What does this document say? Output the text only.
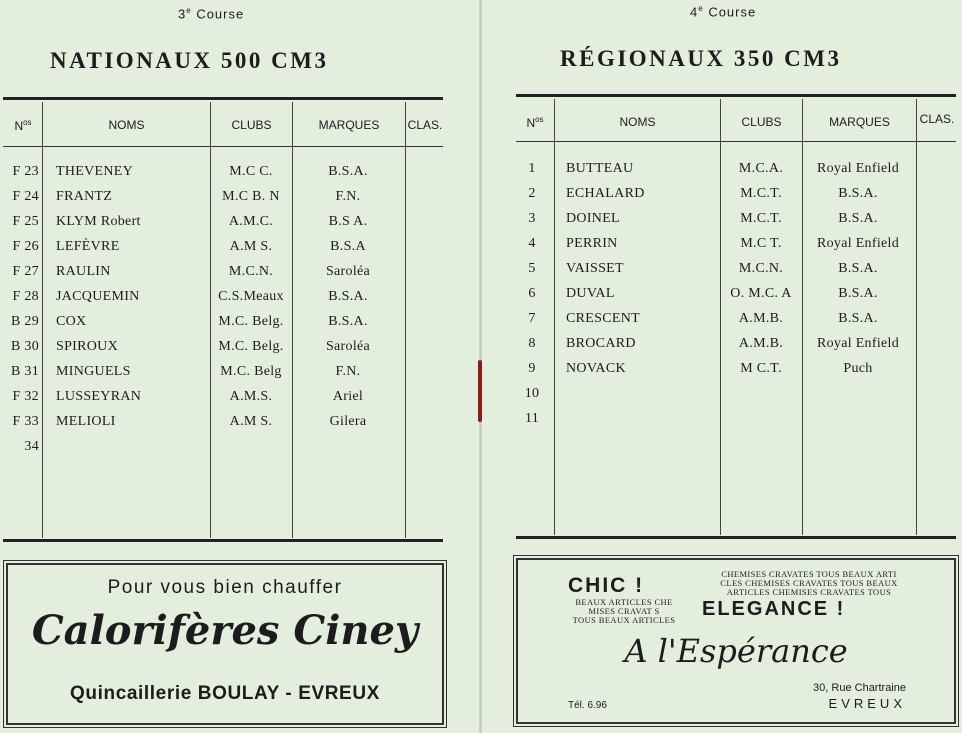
3e Course
NATIONAUX 500 CM3
$N^{os}$	NOMS	CLUBS	MARQUES	CLAS.
F 23 THEVENEY	M.C C.	B.S.A.
F 24 FRANTZ	M.C B. N	F.N.
F 25 KLYM Robert	A.M.C.	B.S A.
F 26 LEFÈVRE	A.M S.	B.S.A
F 27 RAULIN	M.C.N.	Saroléa
F 28 JACQUEMIN	C.S.Meaux	B.S.A.
B 29 COX	M.C. Belg.	B.S.A.
B 30 SPIROUX	M.C. Belg.	Saroléa
B 31 MINGUELS	M.C. Belg	F.N.
F 32 LUSSEYRAN	A.M.S.	Ariel
F 33 MELIOLI	A.M S.	Gilera
34
Pour vous bien chauffer
Calorifères Ciney
Quincaillerie BOULAY - EVREUX
4e Course
RÉGIONAUX 350 CM3
$N^{os}$	NOMS	CLUBS	MARQUES	CLAS.
1	BUTTEAU	M.C.A.	Royal Enfield
2	ECHALARD	M.C.T.	B.S.A.
3	DOINEL	M.C.T.	B.S.A.
4	PERRIN	M.C T.	Royal Enfield
5	VAISSET	M.C.N.	B.S.A.
6	DUVAL	O. M.C. A	B.S.A.
7	CRESCENT	A.M.B.	B.S.A.
8	BROCARD	A.M.B.	Royal Enfield
9	NOVACK	M C.T.	Puch
10
11
CHIC !
BEAUX ARTICLES CHE
MISES CRAVAT S
TOUS BEAUX ARTICLES
CHEMISES CRAVATES TOUS BEAUX ARTI
CLES CHEMISES CRAVATES TOUS BEAUX
ARTICLES CHEMISES CRAVATES TOUS
ELEGANCE !
A l'Espérance
Tél. 6.96
30, Rue Chartraine
EVREUX
